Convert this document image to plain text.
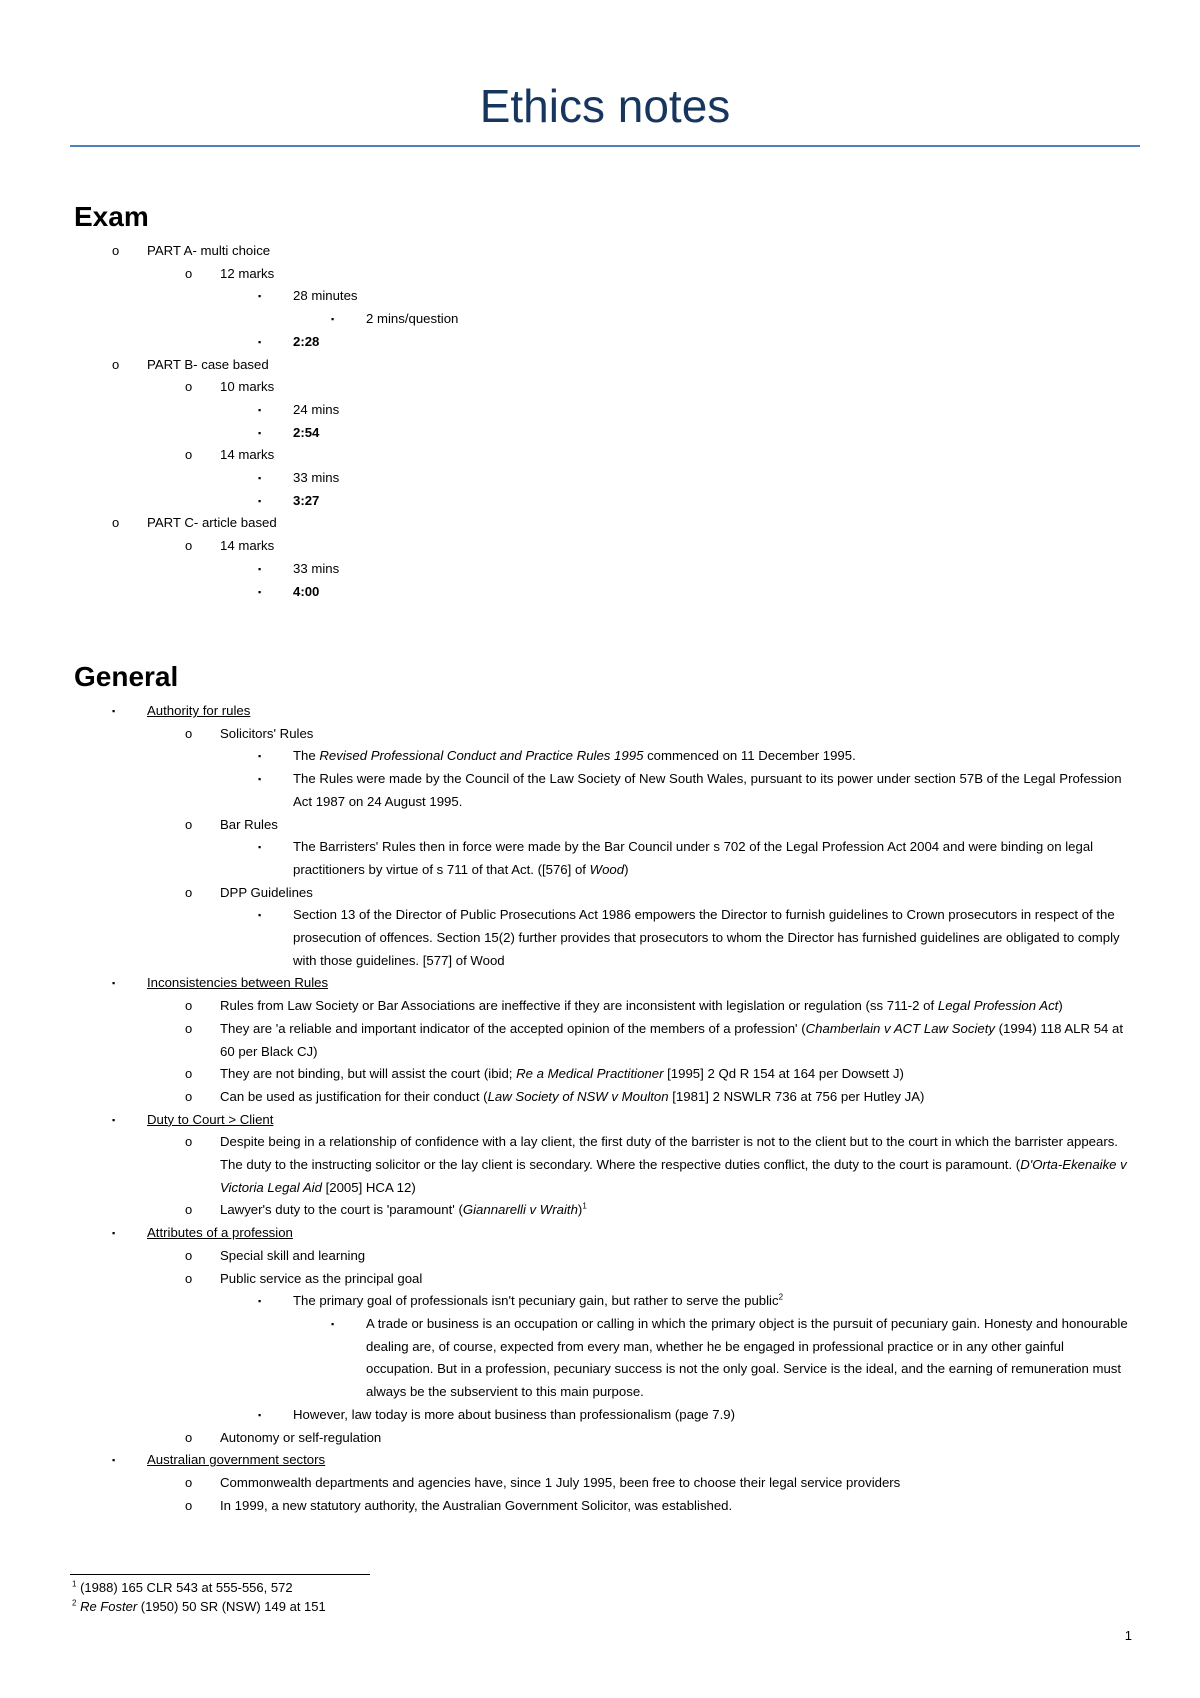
Ethics notes
Exam
o PART A- multi choice
o 12 marks
▪ 28 minutes
▪ 2 mins/question
▪ 2:28
o PART B- case based
o 10 marks
▪ 24 mins
▪ 2:54
o 14 marks
▪ 33 mins
▪ 3:27
o PART C- article based
o 14 marks
▪ 33 mins
▪ 4:00
General
▪ Authority for rules
o Solicitors' Rules
▪ The Revised Professional Conduct and Practice Rules 1995 commenced on 11 December 1995.
▪ The Rules were made by the Council of the Law Society of New South Wales, pursuant to its power under section 57B of the Legal Profession Act 1987 on 24 August 1995.
o Bar Rules
▪ The Barristers' Rules then in force were made by the Bar Council under s 702 of the Legal Profession Act 2004 and were binding on legal practitioners by virtue of s 711 of that Act. ([576] of Wood)
o DPP Guidelines
▪ Section 13 of the Director of Public Prosecutions Act 1986 empowers the Director to furnish guidelines to Crown prosecutors in respect of the prosecution of offences. Section 15(2) further provides that prosecutors to whom the Director has furnished guidelines are obligated to comply with those guidelines. [577] of Wood
▪ Inconsistencies between Rules
o Rules from Law Society or Bar Associations are ineffective if they are inconsistent with legislation or regulation (ss 711-2 of Legal Profession Act)
o They are 'a reliable and important indicator of the accepted opinion of the members of a profession' (Chamberlain v ACT Law Society (1994) 118 ALR 54 at 60 per Black CJ)
o They are not binding, but will assist the court (ibid; Re a Medical Practitioner [1995] 2 Qd R 154 at 164 per Dowsett J)
o Can be used as justification for their conduct (Law Society of NSW v Moulton [1981] 2 NSWLR 736 at 756 per Hutley JA)
▪ Duty to Court > Client
o Despite being in a relationship of confidence with a lay client, the first duty of the barrister is not to the client but to the court in which the barrister appears. The duty to the instructing solicitor or the lay client is secondary. Where the respective duties conflict, the duty to the court is paramount. (D'Orta-Ekenaike v Victoria Legal Aid [2005] HCA 12)
o Lawyer's duty to the court is 'paramount' (Giannarelli v Wraith)$^1$
▪ Attributes of a profession
o Special skill and learning
o Public service as the principal goal
▪ The primary goal of professionals isn't pecuniary gain, but rather to serve the public$^2$
▪ A trade or business is an occupation or calling in which the primary object is the pursuit of pecuniary gain. Honesty and honourable dealing are, of course, expected from every man, whether he be engaged in professional practice or in any other gainful occupation. But in a profession, pecuniary success is not the only goal. Service is the ideal, and the earning of remuneration must always be the subservient to this main purpose.
▪ However, law today is more about business than professionalism (page 7.9)
o Autonomy or self-regulation
▪ Australian government sectors
o Commonwealth departments and agencies have, since 1 July 1995, been free to choose their legal service providers
o In 1999, a new statutory authority, the Australian Government Solicitor, was established.
$^1$ (1988) 165 CLR 543 at 555-556, 572
$^2$ Re Foster (1950) 50 SR (NSW) 149 at 151
1
